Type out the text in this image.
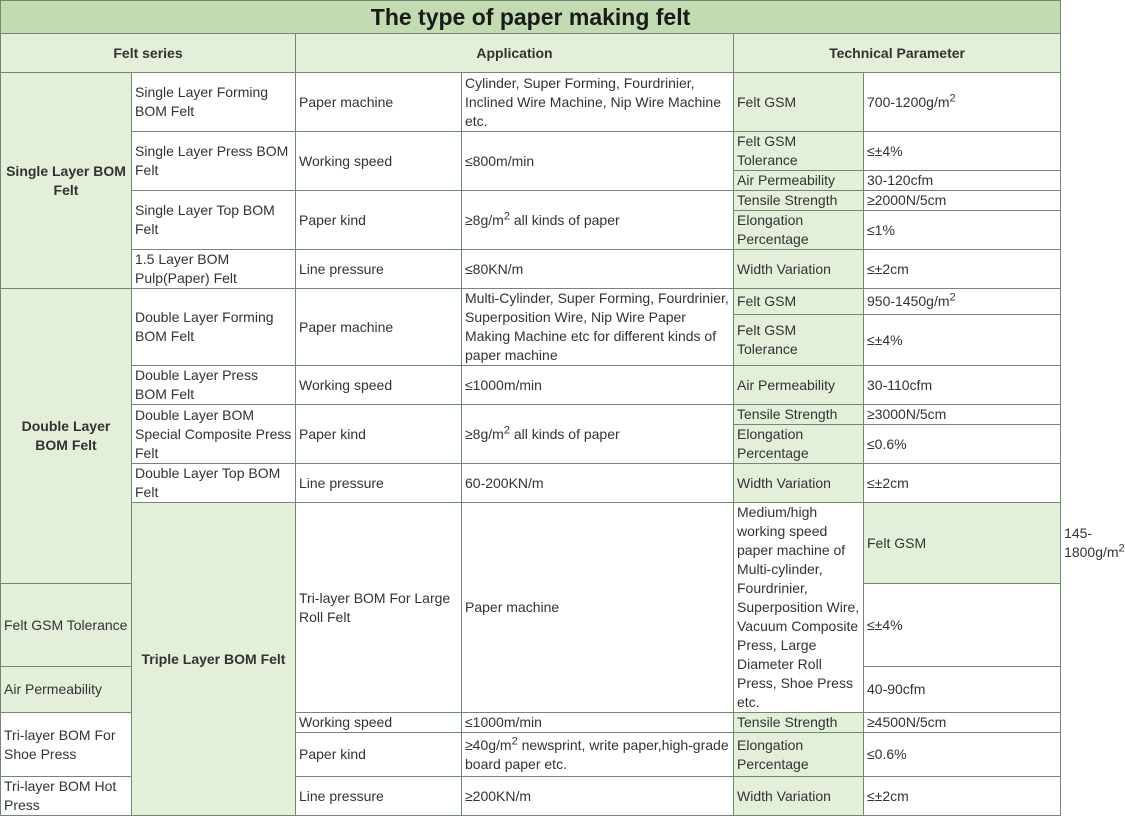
The type of paper making felt						
Felt series		Application		Technical Parameter		
Single Layer BOM Felt	Single Layer Forming BOM Felt	Paper machine	Cylinder, Super Forming, Fourdrinier, Inclined Wire Machine, Nip Wire Machine etc.	Felt GSM	$700-1200g/m^2$
	Single Layer Press BOM Felt	Working speed	≤800m/min	Felt GSM Tolerance	≤±4%	
				Air Permeability	30-120cfm	
	Single Layer Top BOM Felt	Paper kind	$\ge 8g/m^2$ all kinds of paper	Tensile Strength	≥2000N/5cm	
				Elongation Percentage	≤1%	
	1.5 Layer BOM Pulp(Paper) Felt	Line pressure	≤80KN/m	Width Variation	≤±2cm	
Double Layer BOM Felt	Double Layer Forming BOM Felt	Paper machine	Multi-Cylinder, Super Forming, Fourdrinier, Superposition Wire, Nip Wire Paper Making Machine etc for different kinds of paper machine	Felt GSM	$950-1450g/m^2$
				Felt GSM Tolerance	≤±4%	
	Double Layer Press BOM Felt	Working speed	≤1000m/min	Air Permeability	30-110cfm	
	Double Layer BOM Special Composite Press Felt	Paper kind	$\ge 8g/m^2$ all kinds of paper	Tensile Strength	≥3000N/5cm	
				Elongation Percentage	≤0.6%	
	Double Layer Top BOM Felt	Line pressure	60-200KN/m	Width Variation	≤±2cm	
	Triple Layer BOM Felt	Tri-layer BOM For Large Roll Felt	Paper machine	Medium/high working speed paper machine of Multi-cylinder, Fourdrinier, Superposition Wire, Vacuum Composite Press, Large Diameter Roll Press, Shoe Press etc.	Felt GSM	$145-1800g/m^2$
Felt GSM Tolerance					≤±4%	
Air Permeability					40-90cfm	
Tri-layer BOM For Shoe Press		Working speed	≤1000m/min	Tensile Strength	≥4500N/5cm	
		Paper kind	$\ge 40g/m^2$ newsprint, write paper,high-grade board paper etc.	Elongation Percentage	≤0.6%	
Tri-layer BOM Hot Press		Line pressure	≥200KN/m	Width Variation	≤±2cm	
